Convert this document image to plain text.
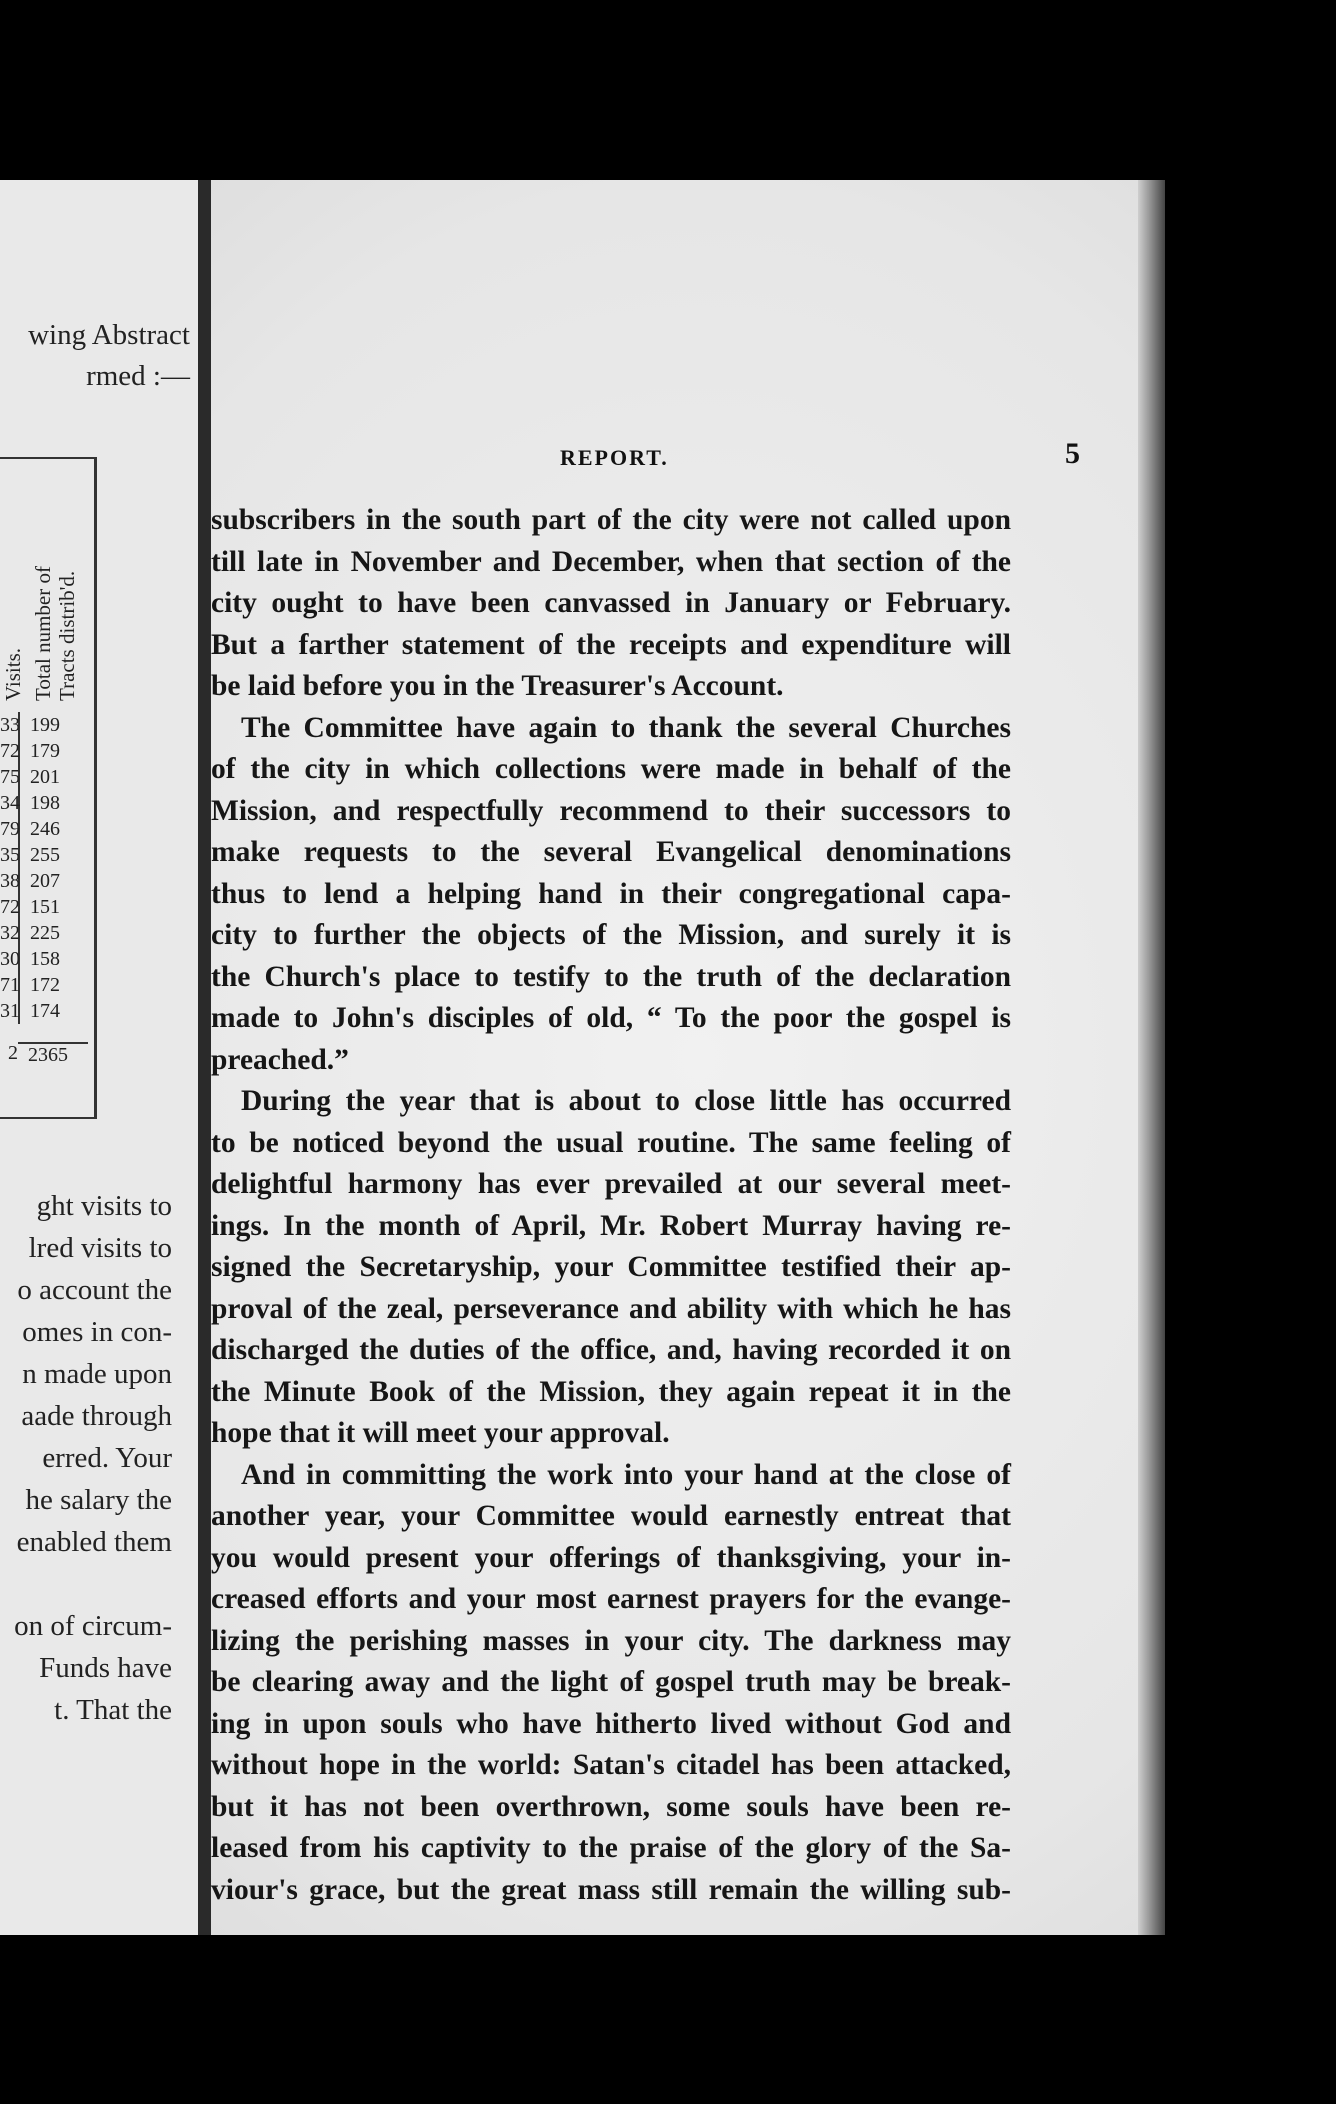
wing Abstract
rmed :—
Visits. Total number of Tracts distrib'd.
33 199
72 179
75 201
34 198
79 246
35 255
38 207
72 151
32 225
30 158
71 172
31 174
2 2365
ght visits to
lred visits to
o account the
omes in con-
n made upon
aade through
erred. Your
he salary the
enabled them
on of circum-
Funds have
t. That the
REPORT.	5

subscribers in the south part of the city were not called upon
till late in November and December, when that section of the
city ought to have been canvassed in January or February.
But a farther statement of the receipts and expenditure will
be laid before you in the Treasurer's Account.

The Committee have again to thank the several Churches
of the city in which collections were made in behalf of the
Mission, and respectfully recommend to their successors to
make requests to the several Evangelical denominations
thus to lend a helping hand in their congregational capa-
city to further the objects of the Mission, and surely it is
the Church's place to testify to the truth of the declaration
made to John's disciples of old, “ To the poor the gospel is
preached.”

During the year that is about to close little has occurred
to be noticed beyond the usual routine. The same feeling of
delightful harmony has ever prevailed at our several meet-
ings. In the month of April, Mr. Robert Murray having re-
signed the Secretaryship, your Committee testified their ap-
proval of the zeal, perseverance and ability with which he has
discharged the duties of the office, and, having recorded it on
the Minute Book of the Mission, they again repeat it in the
hope that it will meet your approval.

And in committing the work into your hand at the close of
another year, your Committee would earnestly entreat that
you would present your offerings of thanksgiving, your in-
creased efforts and your most earnest prayers for the evange-
lizing the perishing masses in your city. The darkness may
be clearing away and the light of gospel truth may be break-
ing in upon souls who have hitherto lived without God and
without hope in the world: Satan's citadel has been attacked,
but it has not been overthrown, some souls have been re-
leased from his captivity to the praise of the glory of the Sa-
viour's grace, but the great mass still remain the willing sub-
